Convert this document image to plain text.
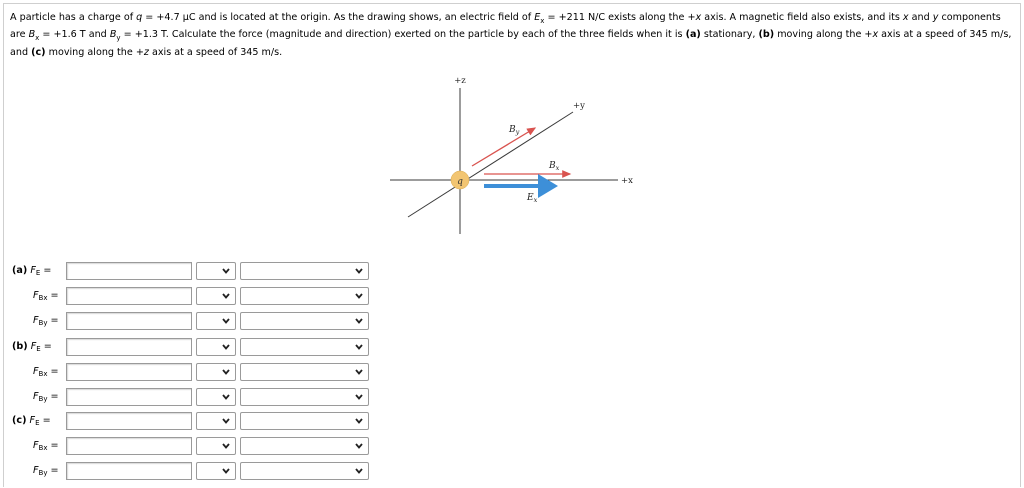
A particle has a charge of q = +4.7 μC and is located at the origin. As the drawing shows, an electric field of $E_x = +211$ N/C exists along the +x axis. A magnetic field also exists, and its x and y components are $B_x = +1.6$ T and $B_y = +1.3$ T. Calculate the force (magnitude and direction) exerted on the particle by each of the three fields when it is (a) stationary, (b) moving along the +x axis at a speed of 345 m/s, and (c) moving along the +z axis at a speed of 345 m/s.

q
+z
+y
+x
$B_y$
$B_x$
$E_x$
(a) $F_E$ =
$F_{Bx}$ =
$F_{By}$ =
(b) $F_E$ =
$F_{Bx}$ =
$F_{By}$ =
(c) $F_E$ =
$F_{Bx}$ =
$F_{By}$ =
